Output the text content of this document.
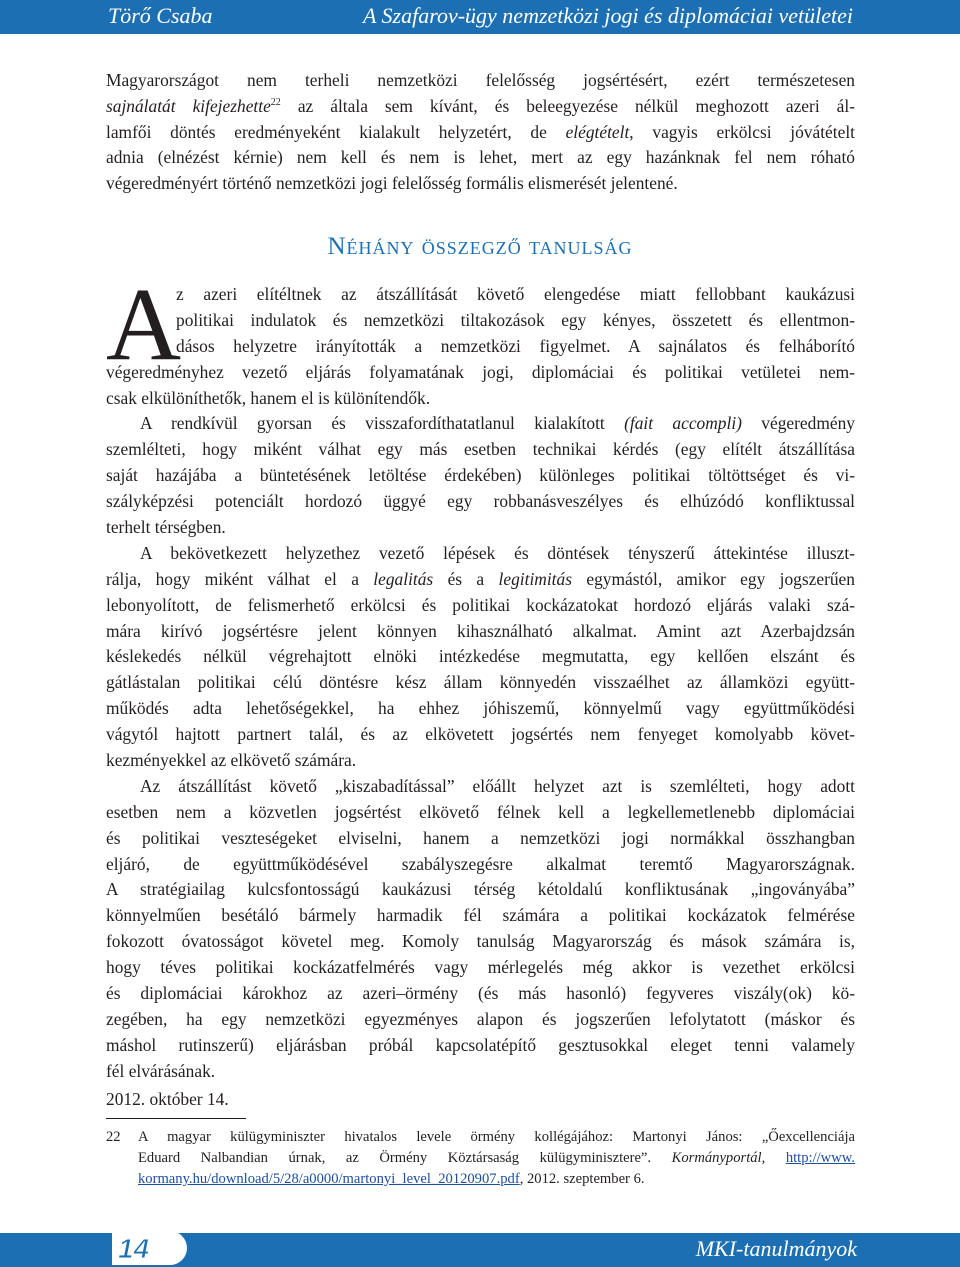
Törő Csaba	A Szafarov-ügy nemzetközi jogi és diplomáciai vetületei
Magyarországot nem terheli nemzetközi felelősség jogsértésért, ezért természetesen
sajnálatát kifejezhette$^{22}$ az általa sem kívánt, és beleegyezése nélkül meghozott azeri ál-
lamfői döntés eredményeként kialakult helyzetért, de elégtételt, vagyis erkölcsi jóvátételt
adnia (elnézést kérnie) nem kell és nem is lehet, mert az egy hazánknak fel nem róható
végeredményért történő nemzetközi jogi felelősség formális elismerését jelentené.
Néhány összegző tanulság
A
z azeri elítéltnek az átszállítását követő elengedése miatt fellobbant kaukázusi
politikai indulatok és nemzetközi tiltakozások egy kényes, összetett és ellentmon-
dásos helyzetre irányították a nemzetközi figyelmet. A sajnálatos és felháborító
végeredményhez vezető eljárás folyamatának jogi, diplomáciai és politikai vetületei nem-
csak elkülöníthetők, hanem el is különítendők.
A rendkívül gyorsan és visszafordíthatatlanul kialakított (fait accompli) végeredmény
szemlélteti, hogy miként válhat egy más esetben technikai kérdés (egy elítélt átszállítása
saját hazájába a büntetésének letöltése érdekében) különleges politikai töltöttséget és vi-
szályképzési potenciált hordozó üggyé egy robbanásveszélyes és elhúzódó konfliktussal
terhelt térségben.
A bekövetkezett helyzethez vezető lépések és döntések tényszerű áttekintése illuszt-
rálja, hogy miként válhat el a legalitás és a legitimitás egymástól, amikor egy jogszerűen
lebonyolított, de felismerhető erkölcsi és politikai kockázatokat hordozó eljárás valaki szá-
mára kirívó jogsértésre jelent könnyen kihasználható alkalmat. Amint azt Azerbajdzsán
késlekedés nélkül végrehajtott elnöki intézkedése megmutatta, egy kellően elszánt és
gátlástalan politikai célú döntésre kész állam könnyedén visszaélhet az államközi együtt-
működés adta lehetőségekkel, ha ehhez jóhiszemű, könnyelmű vagy együttműködési
vágytól hajtott partnert talál, és az elkövetett jogsértés nem fenyeget komolyabb követ-
kezményekkel az elkövető számára.
Az átszállítást követő „kiszabadítással” előállt helyzet azt is szemlélteti, hogy adott
esetben nem a közvetlen jogsértést elkövető félnek kell a legkellemetlenebb diplomáciai
és politikai veszteségeket elviselni, hanem a nemzetközi jogi normákkal összhangban
eljáró, de együttműködésével szabályszegésre alkalmat teremtő Magyarországnak.
A stratégiailag kulcsfontosságú kaukázusi térség kétoldalú konfliktusának „ingoványába”
könnyelműen besétáló bármely harmadik fél számára a politikai kockázatok felmérése
fokozott óvatosságot követel meg. Komoly tanulság Magyarország és mások számára is,
hogy téves politikai kockázatfelmérés vagy mérlegelés még akkor is vezethet erkölcsi
és diplomáciai károkhoz az azeri–örmény (és más hasonló) fegyveres viszály(ok) kö-
zegében, ha egy nemzetközi egyezményes alapon és jogszerűen lefolytatott (máskor és
máshol rutinszerű) eljárásban próbál kapcsolatépítő gesztusokkal eleget tenni valamely
fél elvárásának.
2012. október 14.
22 A magyar külügyminiszter hivatalos levele örmény kollégájához: Martonyi János: „Őexcellenciája
Eduard Nalbandian úrnak, az Örmény Köztársaság külügyminisztere”. Kormányportál, http://www.
kormany.hu/download/5/28/a0000/martonyi_level_20120907.pdf, 2012. szeptember 6.
14	MKI-tanulmányok
